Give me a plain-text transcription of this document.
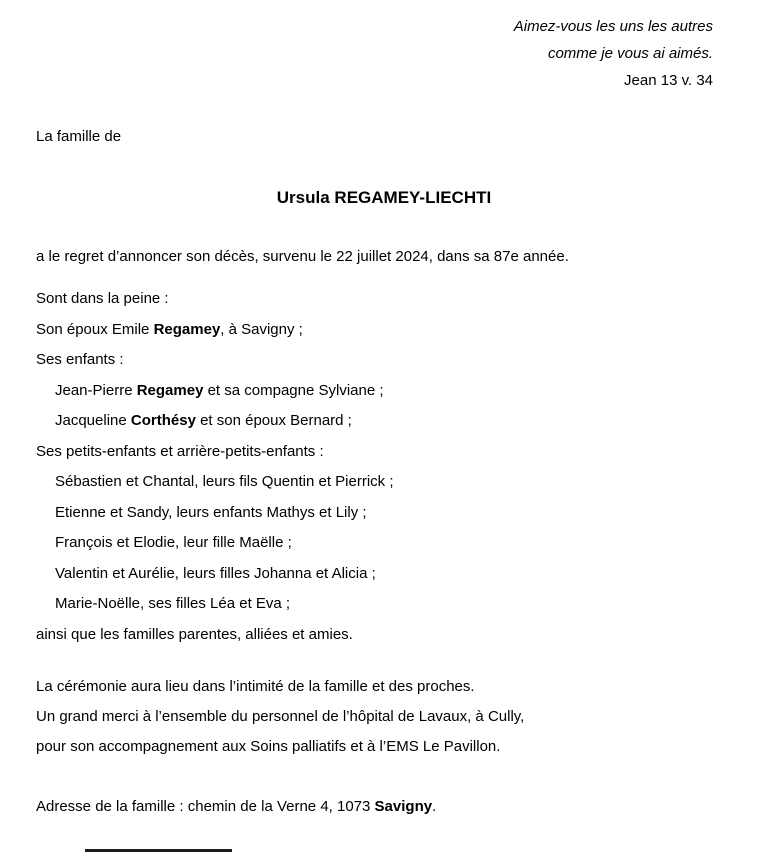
Aimez-vous les uns les autres
comme je vous ai aimés.
Jean 13 v. 34
La famille de
Ursula REGAMEY-LIECHTI
a le regret d’annoncer son décès, survenu le 22 juillet 2024, dans sa 87e année.
Sont dans la peine :
Son époux Emile Regamey, à Savigny ;
Ses enfants :
Jean-Pierre Regamey et sa compagne Sylviane ;
Jacqueline Corthésy et son époux Bernard ;
Ses petits-enfants et arrière-petits-enfants :
Sébastien et Chantal, leurs fils Quentin et Pierrick ;
Etienne et Sandy, leurs enfants Mathys et Lily ;
François et Elodie, leur fille Maëlle ;
Valentin et Aurélie, leurs filles Johanna et Alicia ;
Marie-Noëlle, ses filles Léa et Eva ;
ainsi que les familles parentes, alliées et amies.
La cérémonie aura lieu dans l’intimité de la famille et des proches.
Un grand merci à l’ensemble du personnel de l’hôpital de Lavaux, à Cully,
pour son accompagnement aux Soins palliatifs et à l’EMS Le Pavillon.
Adresse de la famille : chemin de la Verne 4, 1073 Savigny.
